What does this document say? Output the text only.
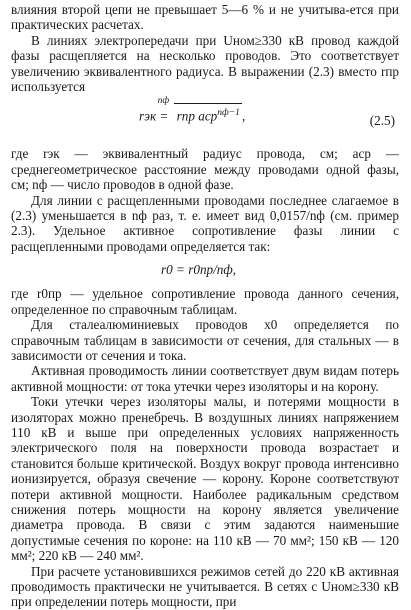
влияния второй цепи не превышает 5—6 % и не учитыва-ется при практических расчетах.

В линиях электропередачи при Uном≥330 кВ провод каждой фазы расщепляется на несколько проводов. Это соответствует увеличению эквивалентного радиуса. В выражении (2.3) вместо rпр используется

rэк =
nф
rпр aср$^{nф-1}$ ,	(2.5)

где rэк — эквивалентный радиус провода, см; aср — среднегеометрическое расстояние между проводами одной фазы, см; nф — число проводов в одной фазе.

Для линии с расщепленными проводами последнее слагаемое в (2.3) уменьшается в nф раз, т. е. имеет вид 0,0157/nф (см. пример 2.3). Удельное активное сопротивление фазы линии с расщепленными проводами определяется так:

r0 = r0пр/nф,

где r0пр — удельное сопротивление провода данного сечения, определенное по справочным таблицам.

Для сталеалюминиевых проводов x0 определяется по справочным таблицам в зависимости от сечения, для стальных — в зависимости от сечения и тока.

Активная проводимость линии соответствует двум видам потерь активной мощности: от тока утечки через изоляторы и на корону.

Токи утечки через изоляторы малы, и потерями мощности в изоляторах можно пренебречь. В воздушных линиях напряжением 110 кВ и выше при определенных условиях напряженность электрического поля на поверхности провода возрастает и становится больше критической. Воздух вокруг провода интенсивно ионизируется, образуя свечение — корону. Короне соответствуют потери активной мощности. Наиболее радикальным средством снижения потерь мощности на корону является увеличение диаметра провода. В связи с этим задаются наименьшие допустимые сечения по короне: на 110 кВ — 70 мм²; 150 кВ — 120 мм²; 220 кВ — 240 мм².

При расчете установившихся режимов сетей до 220 кВ активная проводимость практически не учитывается. В сетях с Uном≥330 кВ при определении потерь мощности, при
